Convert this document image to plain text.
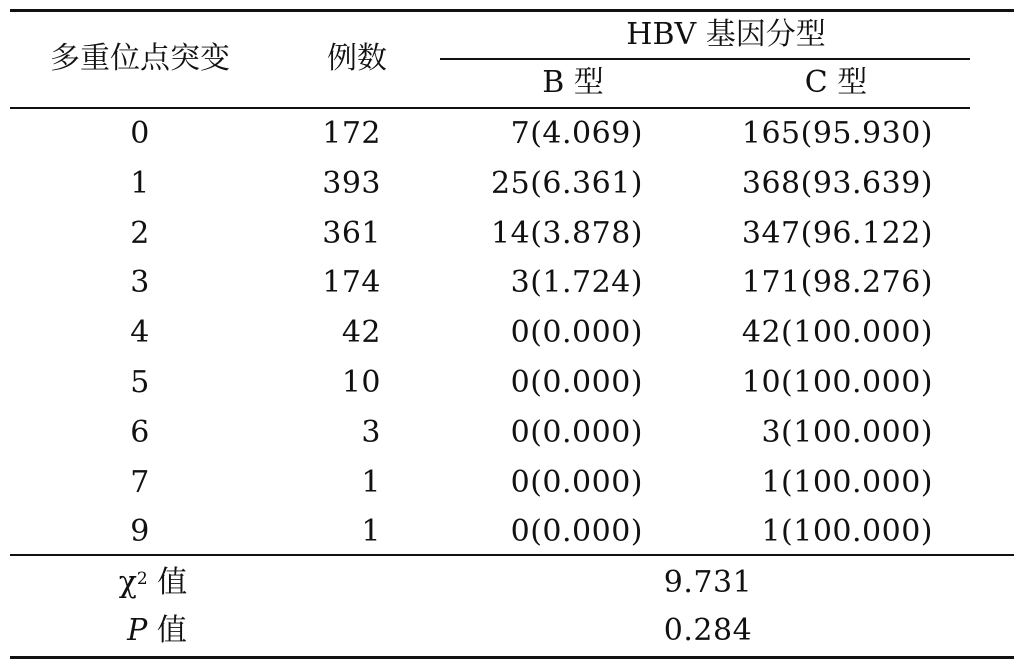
多重位点突变	例数
HBV 基因分型
B 型	C 型
0	172	7(4.069)	165(95.930)
1	393	25(6.361)	368(93.639)
2	361	14(3.878)	347(96.122)
3	174	3(1.724)	171(98.276)
4	42	0(0.000)	42(100.000)
5	10	0(0.000)	10(100.000)
6	3	0(0.000)	3(100.000)
7	1	0(0.000)	1(100.000)
9	1	0(0.000)	1(100.000)
$\chi^2$ 值	9.731
P 值	0.284
